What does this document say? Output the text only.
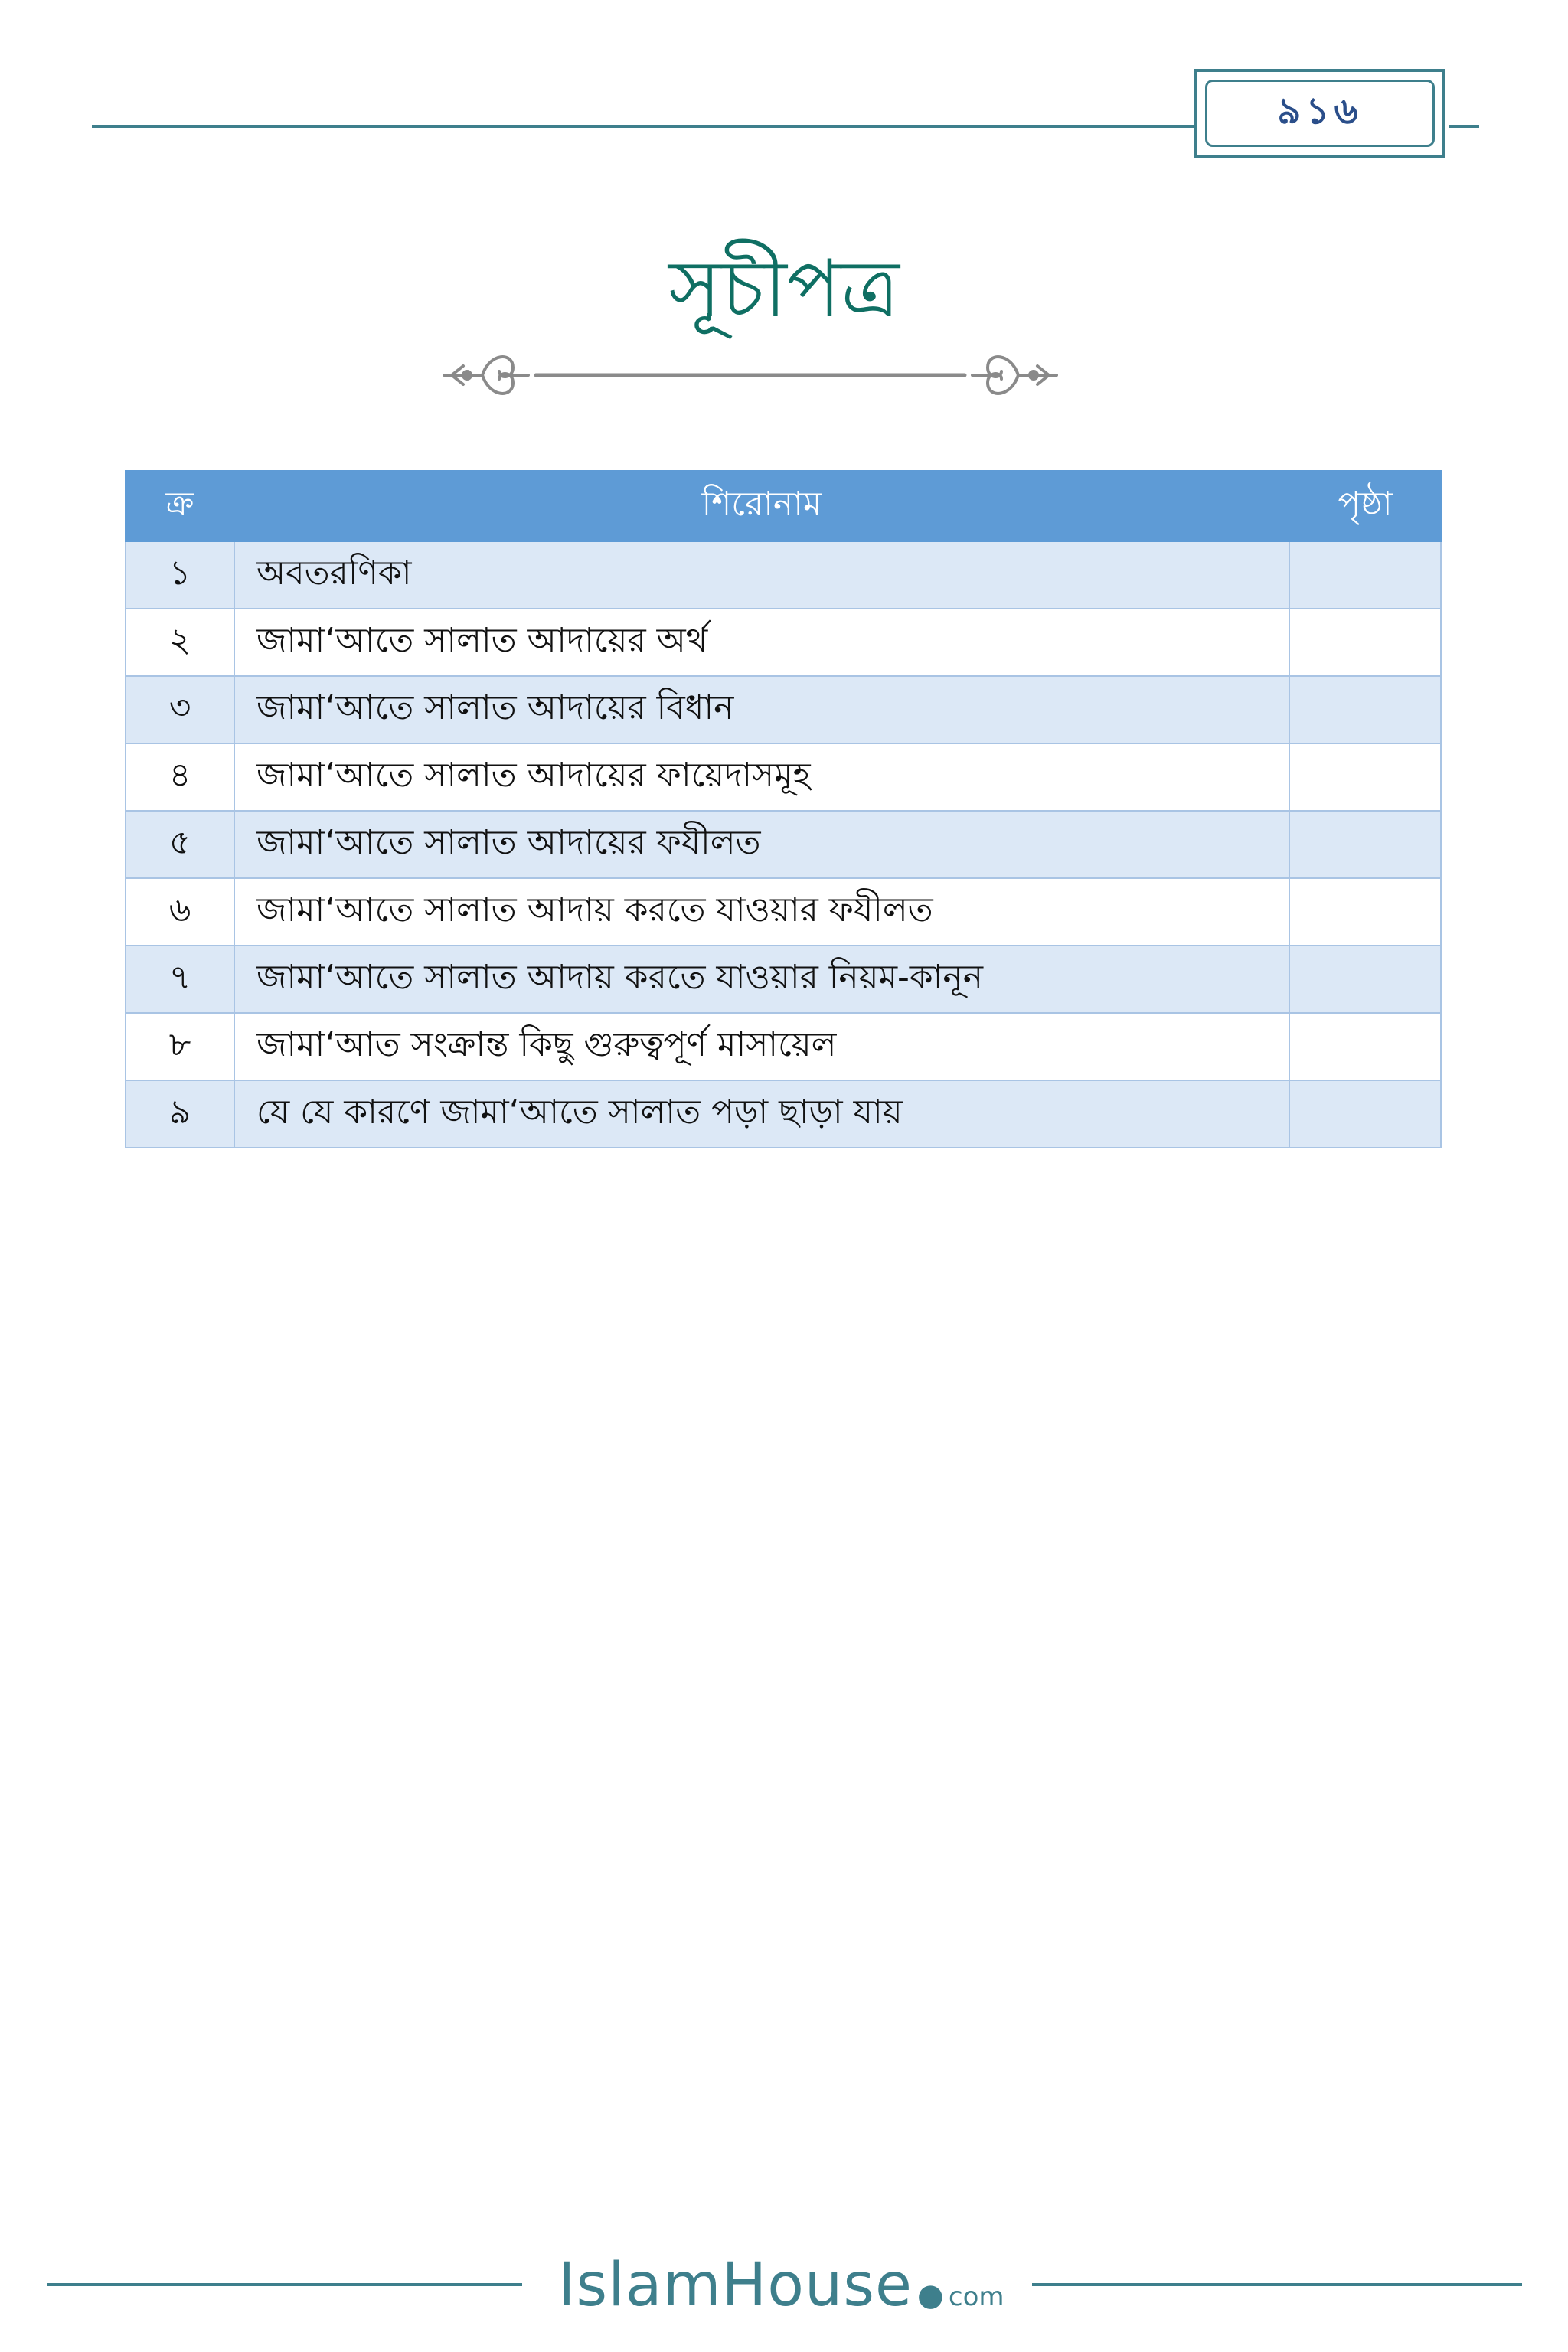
৯১৬
সূচীপত্র
ক্র	শিরোনাম	পৃষ্ঠা
১	অবতরণিকা	
২	জামা‘আতে সালাত আদায়ের অর্থ	
৩	জামা‘আতে সালাত আদায়ের বিধান	
৪	জামা‘আতে সালাত আদায়ের ফায়েদাসমূহ	
৫	জামা‘আতে সালাত আদায়ের ফযীলত	
৬	জামা‘আতে সালাত আদায় করতে যাওয়ার ফযীলত	
৭	জামা‘আতে সালাত আদায় করতে যাওয়ার নিয়ম-কানূন	
৮	জামা‘আত সংক্রান্ত কিছু গুরুত্বপূর্ণ মাসায়েল	
৯	যে যে কারণে জামা‘আতে সালাত পড়া ছাড়া যায়	
IslamHouse ● com
